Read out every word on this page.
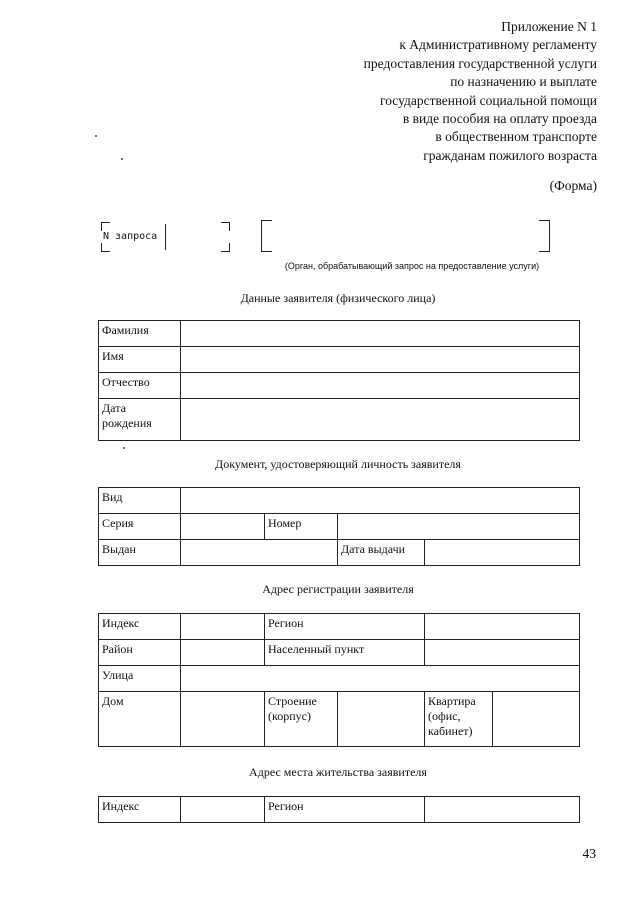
Приложение N 1
к Административному регламенту
предоставления государственной услуги
по назначению и выплате
государственной социальной помощи
в виде пособия на оплату проезда
в общественном транспорте
гражданам пожилого возраста
(Форма)
N запроса
(Орган, обрабатывающий запрос на предоставление услуги)
Данные заявителя (физического лица)
Фамилия	
Имя	
Отчество	
Дата рождения	
Документ, удостоверяющий личность заявителя
Вид				
Серия		Номер		
Выдан			Дата выдачи	
Адрес регистрации заявителя
Индекс		Регион			
Район		Населенный пункт			
Улица					
Дом		Строение (корпус)		Квартира (офис, кабинет)	
Адрес места жительства заявителя
Индекс		Регион	
43
